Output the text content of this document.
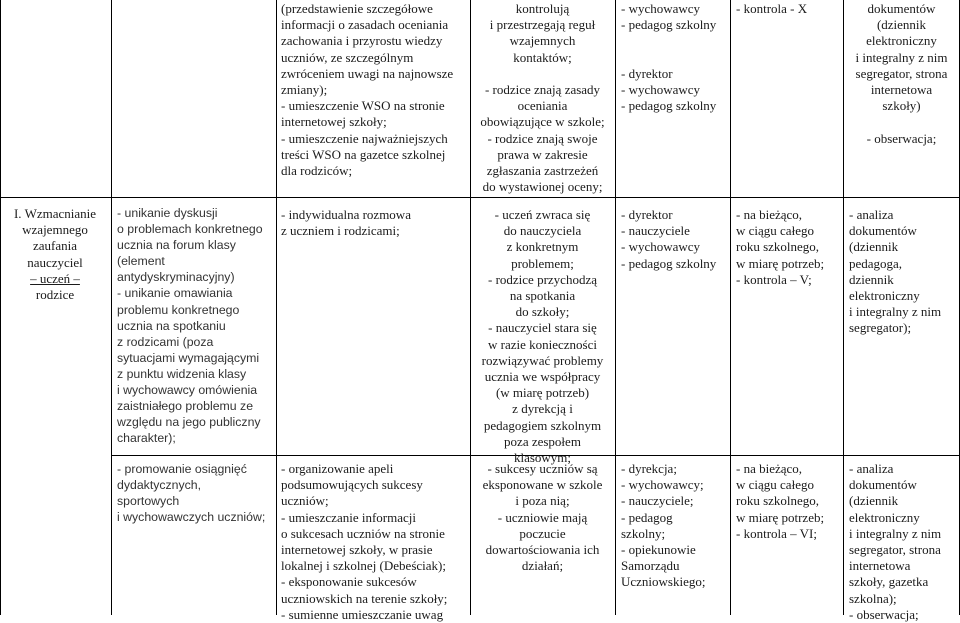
I. Wzmacnianie
wzajemnego
zaufania
nauczyciel
– uczeń –
rodzice
- unikanie dyskusji
o problemach konkretnego
ucznia na forum klasy
(element
antydyskryminacyjny)
- unikanie omawiania
problemu konkretnego
ucznia na spotkaniu
z rodzicami (poza
sytuacjami wymagającymi
z punktu widzenia klasy
i wychowawcy omówienia
zaistniałego problemu ze
względu na jego publiczny
charakter);
- promowanie osiągnięć
dydaktycznych,
sportowych
i wychowawczych uczniów;
(przedstawienie szczegółowe
informacji o zasadach oceniania
zachowania i przyrostu wiedzy
uczniów, ze szczególnym
zwróceniem uwagi na najnowsze
zmiany);
- umieszczenie WSO na stronie
internetowej szkoły;
- umieszczenie najważniejszych
treści WSO na gazetce szkolnej
dla rodziców;
- indywidualna rozmowa
z uczniem i rodzicami;
- organizowanie apeli
podsumowujących sukcesy
uczniów;
- umieszczanie informacji
o sukcesach uczniów na stronie
internetowej szkoły, w prasie
lokalnej i szkolnej (Debeściak);
- eksponowanie sukcesów
uczniowskich na terenie szkoły;
- sumienne umieszczanie uwag
kontrolują
i przestrzegają reguł
wzajemnych
kontaktów;

- rodzice znają zasady
oceniania
obowiązujące w szkole;
- rodzice znają swoje
prawa w zakresie
zgłaszania zastrzeżeń
do wystawionej oceny;
- uczeń zwraca się
do nauczyciela
z konkretnym
problemem;
- rodzice przychodzą
na spotkania
do szkoły;
- nauczyciel stara się
w razie konieczności
rozwiązywać problemy
ucznia we współpracy
(w miarę potrzeb)
z dyrekcją i
pedagogiem szkolnym
poza zespołem
klasowym;
- sukcesy uczniów są
eksponowane w szkole
i poza nią;
- uczniowie mają
poczucie
dowartościowania ich
działań;
- wychowawcy
- pedagog szkolny

- dyrektor
- wychowawcy
- pedagog szkolny
- dyrektor
- nauczyciele
- wychowawcy
- pedagog szkolny
- dyrekcja;
- wychowawcy;
- nauczyciele;
- pedagog
szkolny;
- opiekunowie
Samorządu
Uczniowskiego;
- kontrola - X
- na bieżąco,
w ciągu całego
roku szkolnego,
w miarę potrzeb;
- kontrola – V;
- na bieżąco,
w ciągu całego
roku szkolnego,
w miarę potrzeb;
- kontrola – VI;
dokumentów
(dziennik
elektroniczny
i integralny z nim
segregator, strona
internetowa
szkoły)

- obserwacja;
- analiza
dokumentów
(dziennik
pedagoga,
dziennik
elektroniczny
i integralny z nim
segregator);
- analiza
dokumentów
(dziennik
elektroniczny
i integralny z nim
segregator, strona
internetowa
szkoły, gazetka
szkolna);
- obserwacja;
